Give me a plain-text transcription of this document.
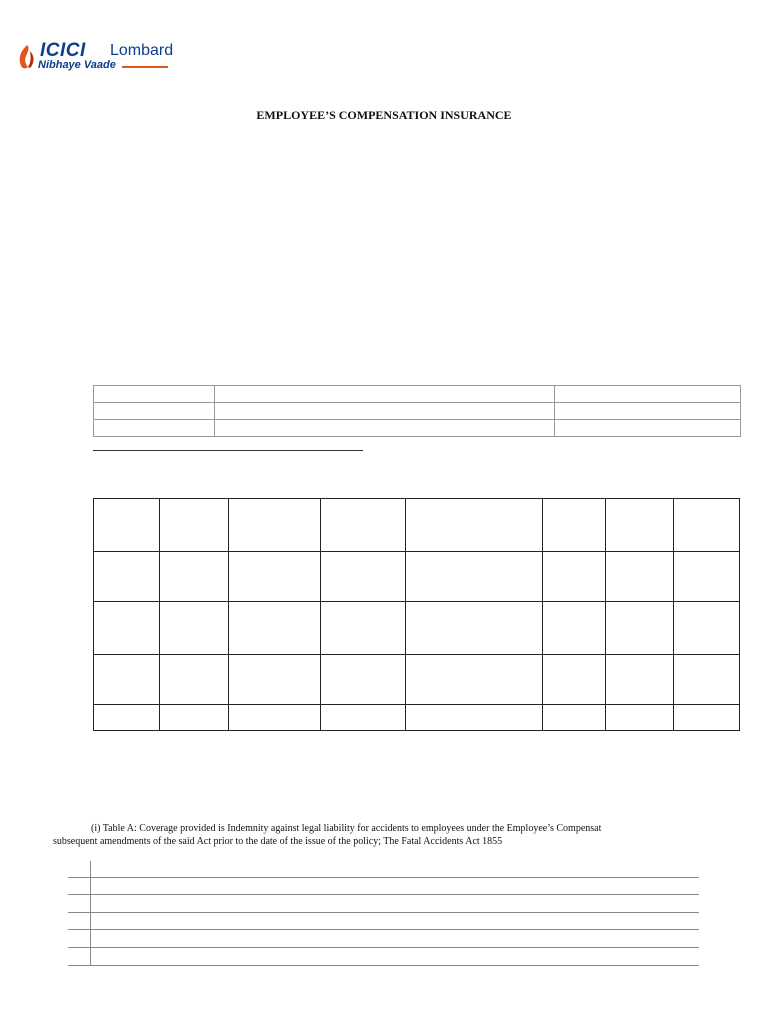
ICICI Lombard
Nibhaye Vaade
EMPLOYEE’S COMPENSATION INSURANCE

(i) Table A: Coverage provided is Indemnity against legal liability for accidents to employees under the Employee’s Compensat
subsequent amendments of the said Act prior to the date of the issue of the policy; The Fatal Accidents Act 1855
